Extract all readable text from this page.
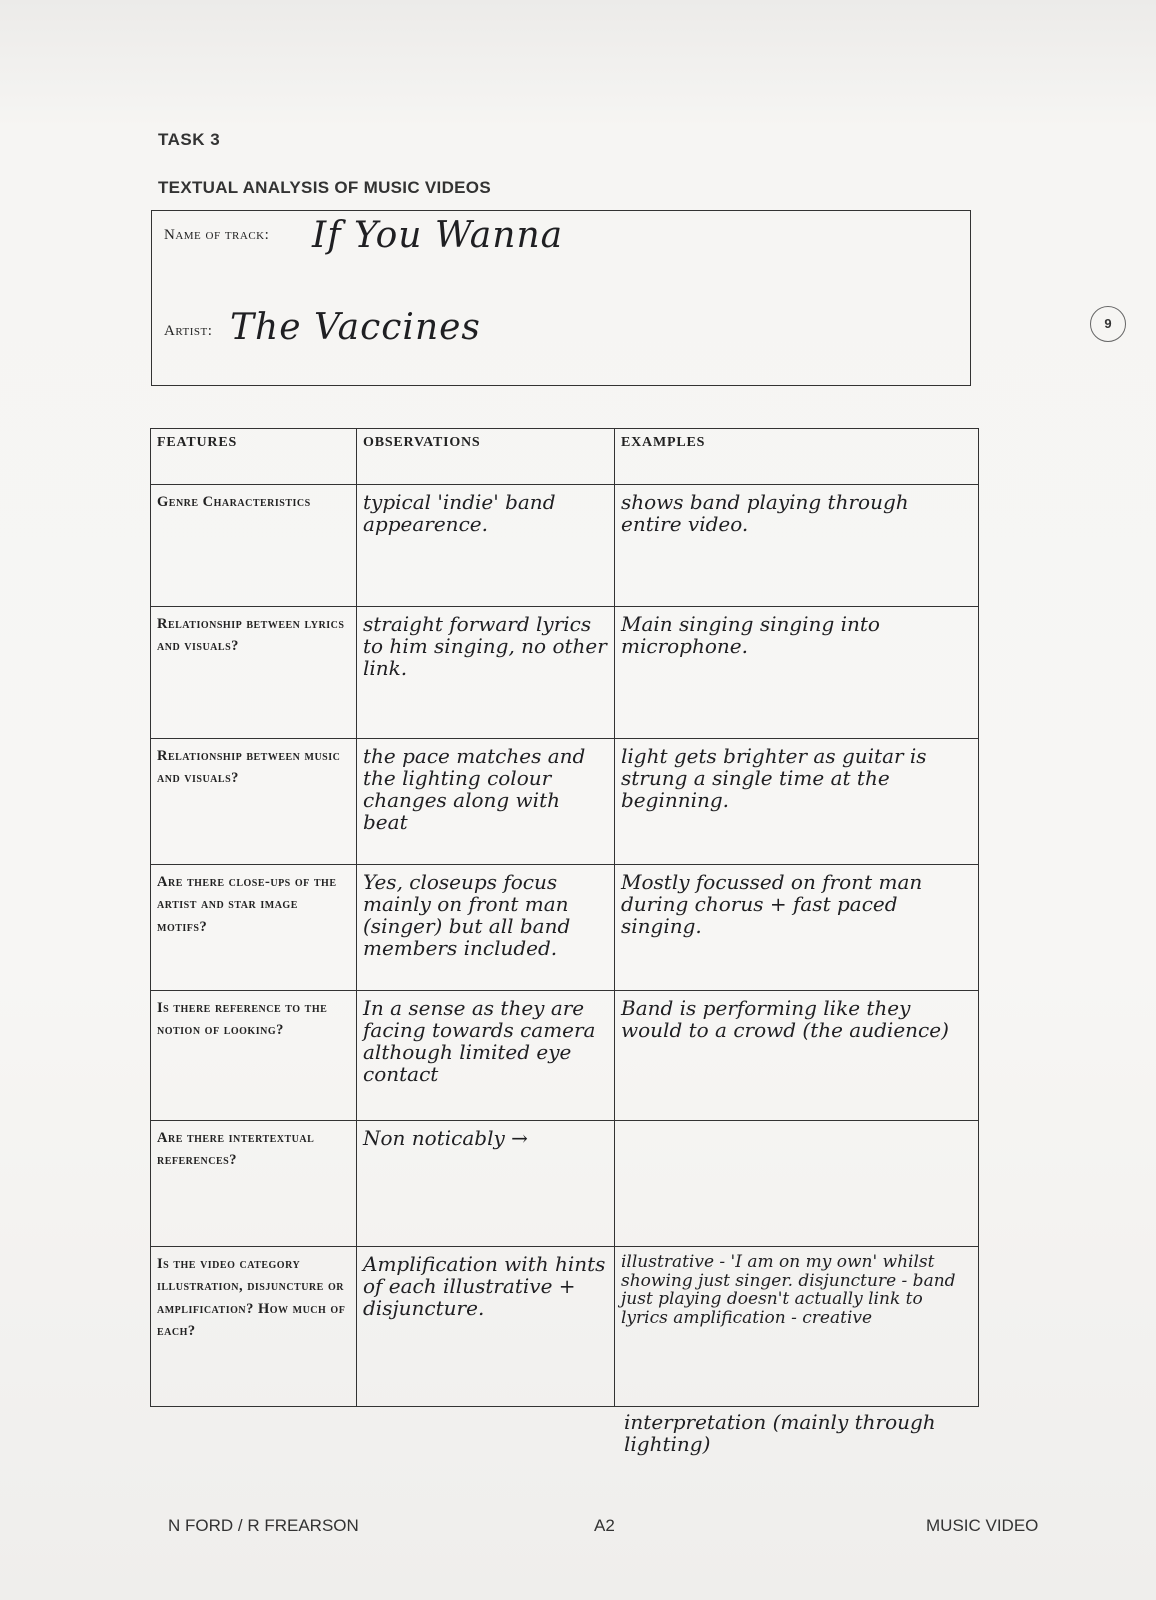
TASK 3
TEXTUAL ANALYSIS OF MUSIC VIDEOS
9
Name of track: If You Wanna
Artist: The Vaccines
FEATURES	OBSERVATIONS	EXAMPLES
Genre Characteristics	typical 'indie' band appearence.	shows band playing through entire video.

Relationship between lyrics and visuals?	straight forward lyrics to him singing, no other link.	Main singing singing into microphone.

Relationship between music and visuals?	the pace matches and the lighting colour changes along with beat	light gets brighter as guitar is strung a single time at the beginning.

Are there close-ups of the artist and star image motifs?	Yes, closeups focus mainly on front man (singer) but all band members included.	Mostly focussed on front man during chorus + fast paced singing.

Is there reference to the notion of looking?	In a sense as they are facing towards camera although limited eye contact	Band is performing like they would to a crowd (the audience)

Are there intertextual references?	Non noticably →	

Is the video category illustration, disjuncture or amplification? How much of each?	Amplification with hints of each illustrative + disjuncture.	illustrative - 'I am on my own' whilst showing just singer. disjuncture - band just playing doesn't actually link to lyrics amplification - creative
interpretation (mainly through lighting)
N FORD / R FREARSON	A2	MUSIC VIDEO
